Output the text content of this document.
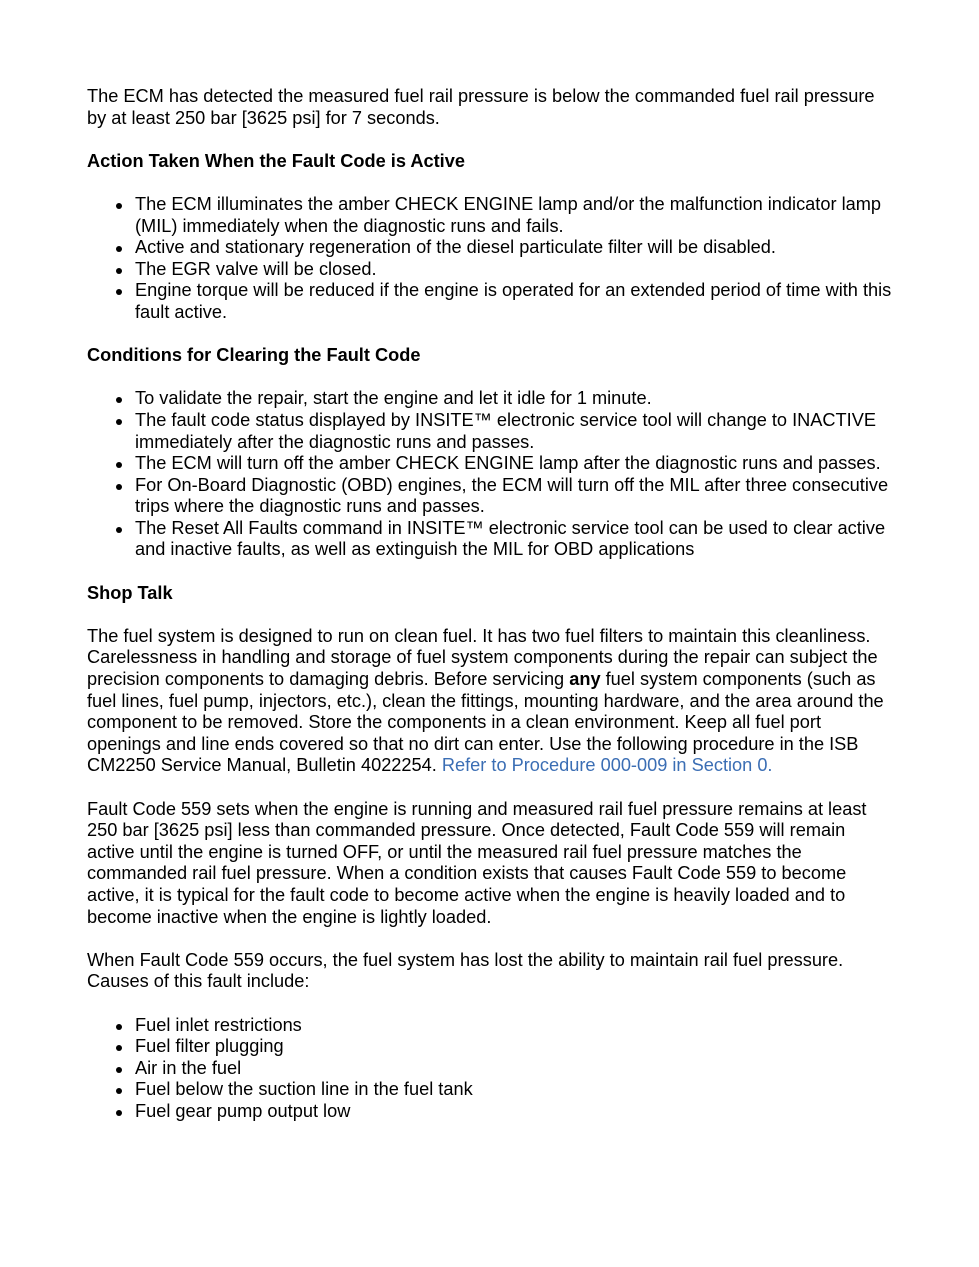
The ECM has detected the measured fuel rail pressure is below the commanded fuel rail pressure by at least 250 bar [3625 psi] for 7 seconds.

Action Taken When the Fault Code is Active
The ECM illuminates the amber CHECK ENGINE lamp and/or the malfunction indicator lamp (MIL) immediately when the diagnostic runs and fails.
Active and stationary regeneration of the diesel particulate filter will be disabled.
The EGR valve will be closed.
Engine torque will be reduced if the engine is operated for an extended period of time with this fault active.
Conditions for Clearing the Fault Code
To validate the repair, start the engine and let it idle for 1 minute.
The fault code status displayed by INSITE™ electronic service tool will change to INACTIVE immediately after the diagnostic runs and passes.
The ECM will turn off the amber CHECK ENGINE lamp after the diagnostic runs and passes.
For On-Board Diagnostic (OBD) engines, the ECM will turn off the MIL after three consecutive trips where the diagnostic runs and passes.
The Reset All Faults command in INSITE™ electronic service tool can be used to clear active and inactive faults, as well as extinguish the MIL for OBD applications
Shop Talk

The fuel system is designed to run on clean fuel. It has two fuel filters to maintain this cleanliness. Carelessness in handling and storage of fuel system components during the repair can subject the precision components to damaging debris. Before servicing any fuel system components (such as fuel lines, fuel pump, injectors, etc.), clean the fittings, mounting hardware, and the area around the component to be removed. Store the components in a clean environment. Keep all fuel port openings and line ends covered so that no dirt can enter. Use the following procedure in the ISB CM2250 Service Manual, Bulletin 4022254. Refer to Procedure 000-009 in Section 0.

Fault Code 559 sets when the engine is running and measured rail fuel pressure remains at least 250 bar [3625 psi] less than commanded pressure. Once detected, Fault Code 559 will remain active until the engine is turned OFF, or until the measured rail fuel pressure matches the commanded rail fuel pressure. When a condition exists that causes Fault Code 559 to become active, it is typical for the fault code to become active when the engine is heavily loaded and to become inactive when the engine is lightly loaded.

When Fault Code 559 occurs, the fuel system has lost the ability to maintain rail fuel pressure. Causes of this fault include:

Fuel inlet restrictions
Fuel filter plugging
Air in the fuel
Fuel below the suction line in the fuel tank
Fuel gear pump output low
